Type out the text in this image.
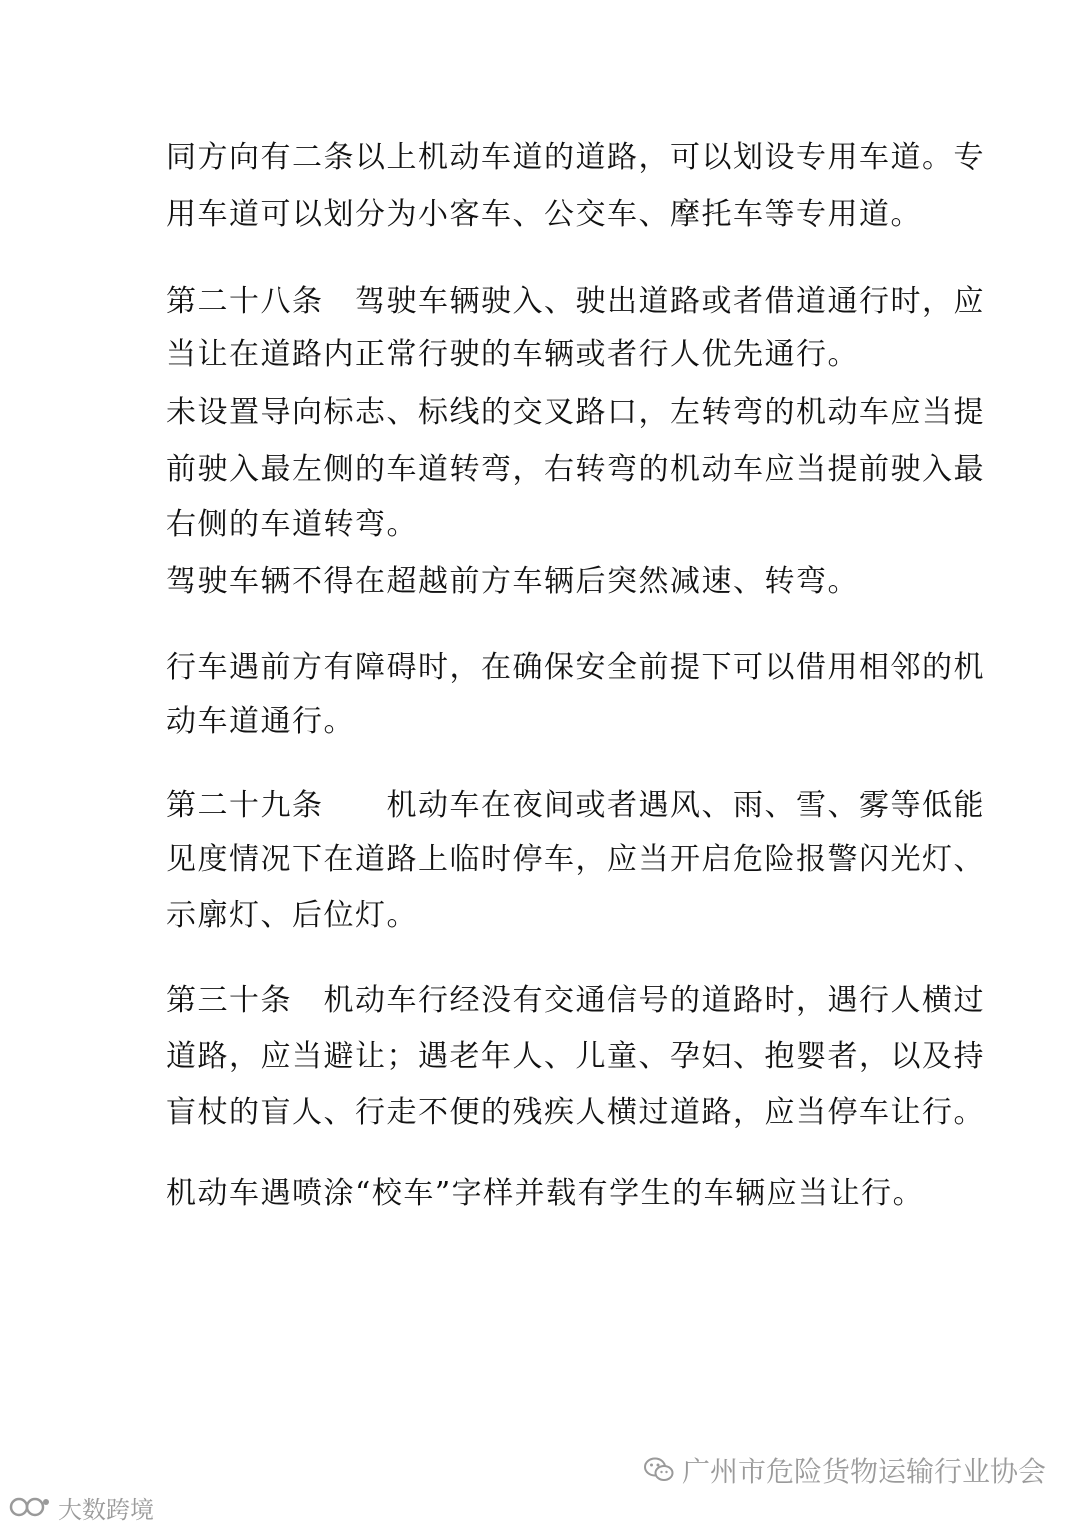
同方向有二条以上机动车道的道路，可以划设专用车道。专
用车道可以划分为小客车、公交车、摩托车等专用道。
第二十八条　驾驶车辆驶入、驶出道路或者借道通行时，应
当让在道路内正常行驶的车辆或者行人优先通行。
未设置导向标志、标线的交叉路口，左转弯的机动车应当提
前驶入最左侧的车道转弯，右转弯的机动车应当提前驶入最
右侧的车道转弯。
驾驶车辆不得在超越前方车辆后突然减速、转弯。
行车遇前方有障碍时，在确保安全前提下可以借用相邻的机
动车道通行。
第二十九条　　机动车在夜间或者遇风、雨、雪、雾等低能
见度情况下在道路上临时停车，应当开启危险报警闪光灯、
示廓灯、后位灯。
第三十条　机动车行经没有交通信号的道路时，遇行人横过
道路，应当避让；遇老年人、儿童、孕妇、抱婴者，以及持
盲杖的盲人、行走不便的残疾人横过道路，应当停车让行。
机动车遇喷涂“校车”字样并载有学生的车辆应当让行。
广州市危险货物运输行业协会
大数跨境
